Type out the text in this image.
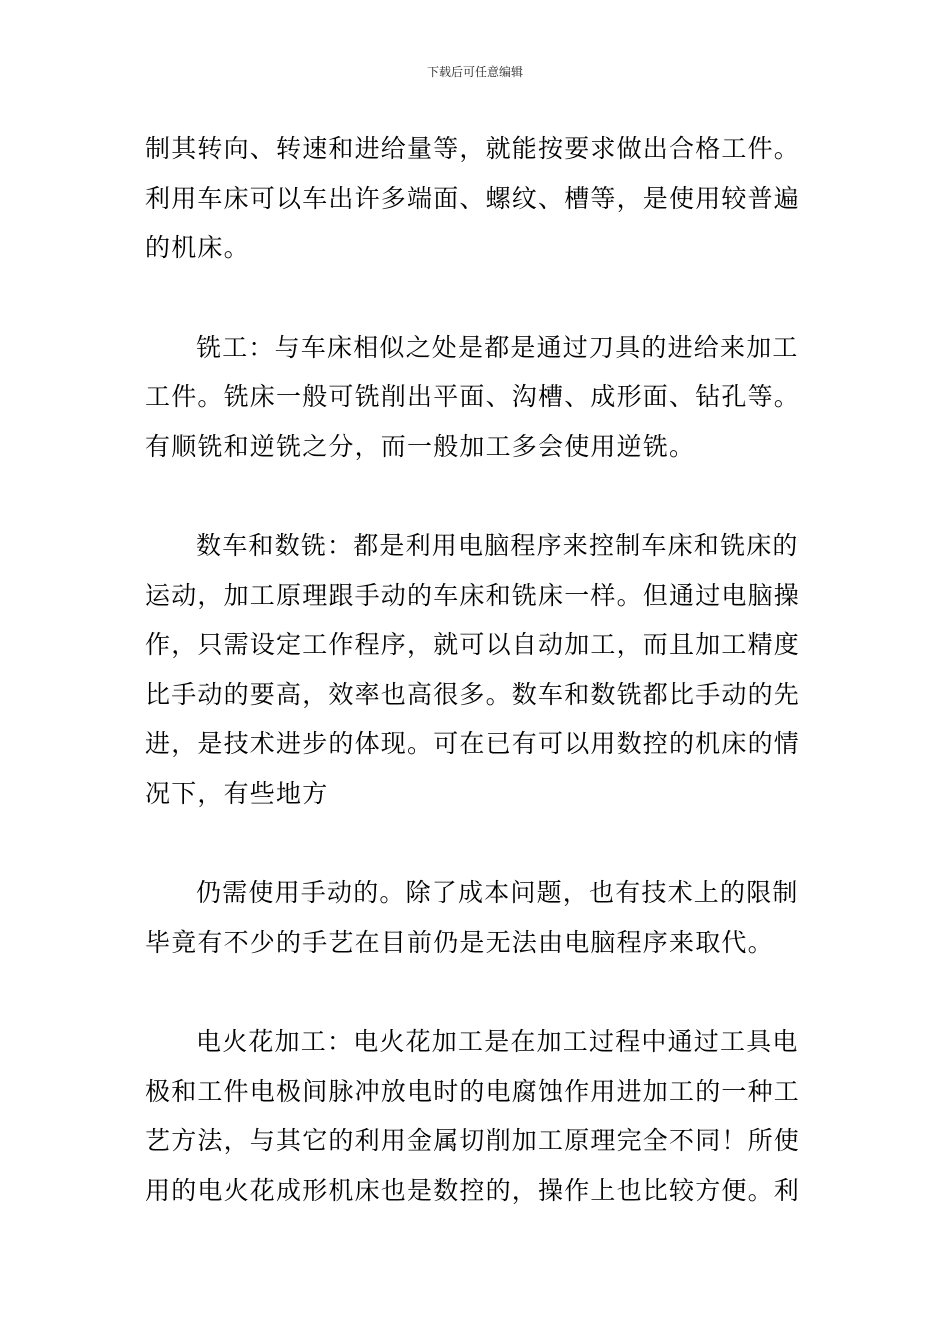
下载后可任意编辑
制其转向、转速和进给量等，就能按要求做出合格工件。
利用车床可以车出许多端面、螺纹、槽等，是使用较普遍
的机床。
铣工：与车床相似之处是都是通过刀具的进给来加工
工件。铣床一般可铣削出平面、沟槽、成形面、钻孔等。
有顺铣和逆铣之分，而一般加工多会使用逆铣。
数车和数铣：都是利用电脑程序来控制车床和铣床的
运动，加工原理跟手动的车床和铣床一样。但通过电脑操
作，只需设定工作程序，就可以自动加工，而且加工精度
比手动的要高，效率也高很多。数车和数铣都比手动的先
进，是技术进步的体现。可在已有可以用数控的机床的情
况下，有些地方
仍需使用手动的。除了成本问题，也有技术上的限制
毕竟有不少的手艺在目前仍是无法由电脑程序来取代。
电火花加工：电火花加工是在加工过程中通过工具电
极和工件电极间脉冲放电时的电腐蚀作用进加工的一种工
艺方法，与其它的利用金属切削加工原理完全不同！所使
用的电火花成形机床也是数控的，操作上也比较方便。利
